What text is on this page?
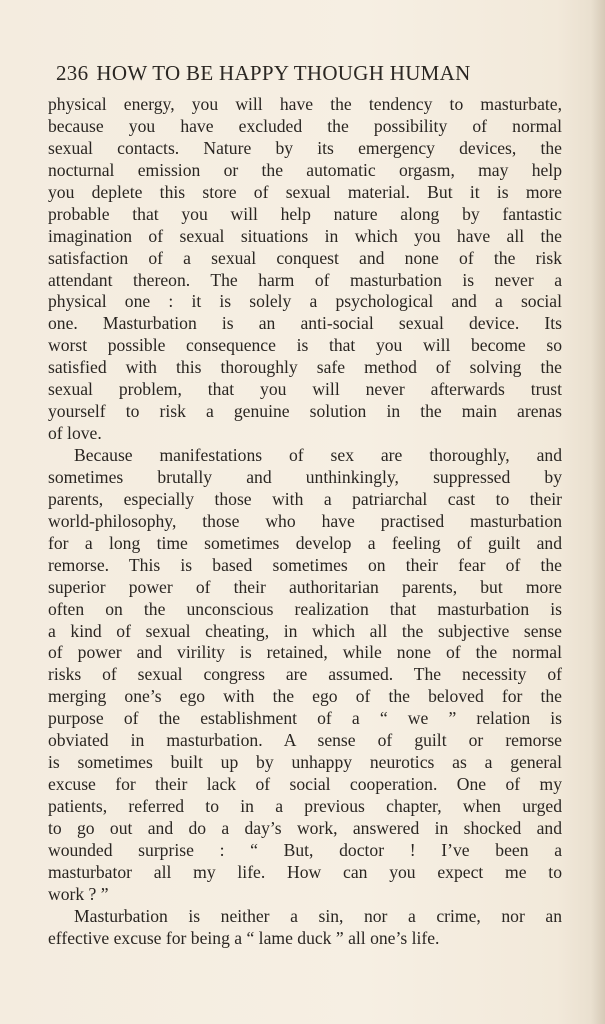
236 HOW TO BE HAPPY THOUGH HUMAN
physical energy, you will have the tendency to masturbate,
because you have excluded the possibility of normal
sexual contacts. Nature by its emergency devices, the
nocturnal emission or the automatic orgasm, may help
you deplete this store of sexual material. But it is more
probable that you will help nature along by fantastic
imagination of sexual situations in which you have all the
satisfaction of a sexual conquest and none of the risk
attendant thereon. The harm of masturbation is never a
physical one : it is solely a psychological and a social
one. Masturbation is an anti-social sexual device. Its
worst possible consequence is that you will become so
satisfied with this thoroughly safe method of solving the
sexual problem, that you will never afterwards trust
yourself to risk a genuine solution in the main arenas
of love.
Because manifestations of sex are thoroughly, and
sometimes brutally and unthinkingly, suppressed by
parents, especially those with a patriarchal cast to their
world-philosophy, those who have practised masturbation
for a long time sometimes develop a feeling of guilt and
remorse. This is based sometimes on their fear of the
superior power of their authoritarian parents, but more
often on the unconscious realization that masturbation is
a kind of sexual cheating, in which all the subjective sense
of power and virility is retained, while none of the normal
risks of sexual congress are assumed. The necessity of
merging one’s ego with the ego of the beloved for the
purpose of the establishment of a “ we ” relation is
obviated in masturbation. A sense of guilt or remorse
is sometimes built up by unhappy neurotics as a general
excuse for their lack of social cooperation. One of my
patients, referred to in a previous chapter, when urged
to go out and do a day’s work, answered in shocked and
wounded surprise : “ But, doctor ! I’ve been a
masturbator all my life. How can you expect me to
work ? ”
Masturbation is neither a sin, nor a crime, nor an
effective excuse for being a “ lame duck ” all one’s life.
